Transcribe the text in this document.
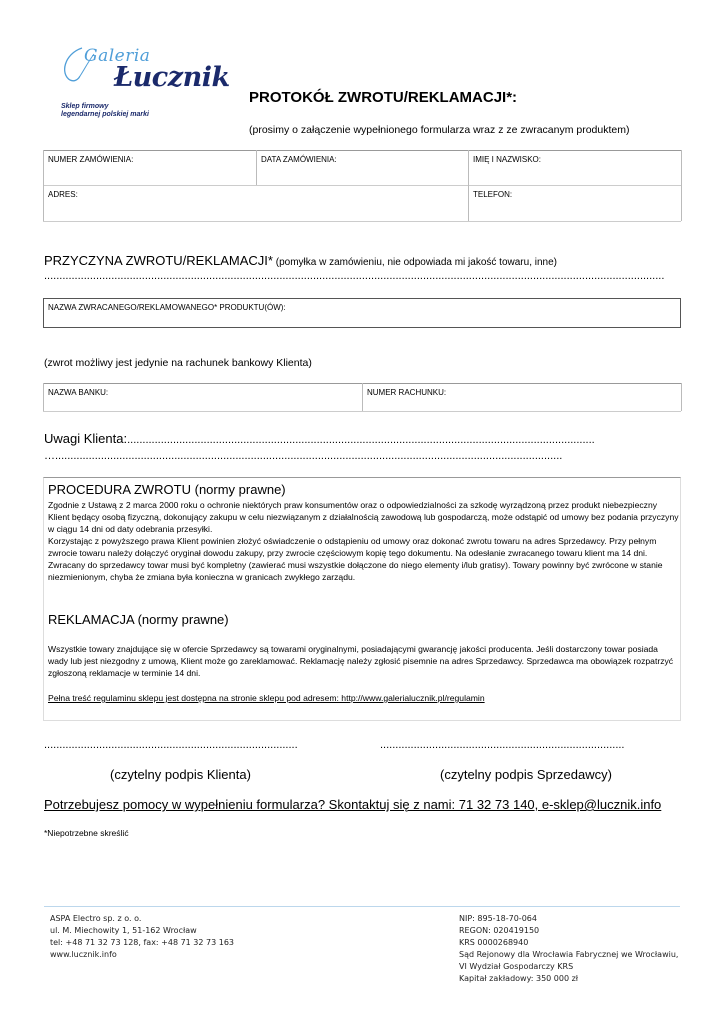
Galeria
Łucznik
Sklep firmowy
legendarnej polskiej marki
PROTOKÓŁ ZWROTU/REKLAMACJI*:
(prosimy o załączenie wypełnionego formularza wraz z ze zwracanym produktem)
NUMER ZAMÓWIENIA:	DATA ZAMÓWIENIA:	IMIĘ I NAZWISKO:
ADRES:	TELEFON:
PRZYCZYNA ZWROTU/REKLAMACJI* (pomyłka w zamówieniu, nie odpowiada mi jakość towaru, inne)
...........................................................................................................................................................................................................
NAZWA ZWRACANEGO/REKLAMOWANEGO* PRODUKTU(ÓW):
(zwrot możliwy jest jedynie na rachunek bankowy Klienta)
NAZWA BANKU:	NUMER RACHUNKU:
Uwagi Klienta:.........................................................................................................................................................
…......................................................................................................................................................................
PROCEDURA ZWROTU (normy prawne)
Zgodnie z Ustawą z 2 marca 2000 roku o ochronie niektórych praw konsumentów oraz o odpowiedzialności za szkodę wyrządzoną przez produkt niebezpieczny Klient będący osobą fizyczną, dokonujący zakupu w celu niezwiązanym z działalnością zawodową lub gospodarczą, może odstąpić od umowy bez podania przyczyny w ciągu 14 dni od daty odebrania przesyłki.
Korzystając z powyższego prawa Klient powinien złożyć oświadczenie o odstąpieniu od umowy oraz dokonać zwrotu towaru na adres Sprzedawcy. Przy pełnym zwrocie towaru należy dołączyć oryginał dowodu zakupy, przy zwrocie częściowym kopię tego dokumentu. Na odesłanie zwracanego towaru klient ma 14 dni.
Zwracany do sprzedawcy towar musi być kompletny (zawierać musi wszystkie dołączone do niego elementy i/lub gratisy). Towary powinny być zwrócone w stanie niezmienionym, chyba że zmiana była konieczna w granicach zwykłego zarządu.
REKLAMACJA (normy prawne)
Wszystkie towary znajdujące się w ofercie Sprzedawcy są towarami oryginalnymi, posiadającymi gwarancję jakości producenta. Jeśli dostarczony towar posiada wady lub jest niezgodny z umową, Klient może go zareklamować. Reklamację należy zgłosić pisemnie na adres Sprzedawcy. Sprzedawca ma obowiązek rozpatrzyć zgłoszoną reklamacje w terminie 14 dni.
Pełna treść regulaminu sklepu jest dostępna na stronie sklepu pod adresem: http://www.galerialucznik.pl/regulamin
...................................................................................	................................................................................
(czytelny podpis Klienta)	(czytelny podpis Sprzedawcy)
Potrzebujesz pomocy w wypełnieniu formularza? Skontaktuj się z nami: 71 32 73 140, e-sklep@lucznik.info
*Niepotrzebne skreślić
ASPA Electro sp. z o. o.
ul. M. Miechowity 1, 51-162 Wrocław
tel: +48 71 32 73 128, fax: +48 71 32 73 163
www.lucznik.info
NIP: 895-18-70-064
REGON: 020419150
KRS 0000268940
Sąd Rejonowy dla Wrocławia Fabrycznej we Wrocławiu,
VI Wydział Gospodarczy KRS
Kapitał zakładowy: 350 000 zł
